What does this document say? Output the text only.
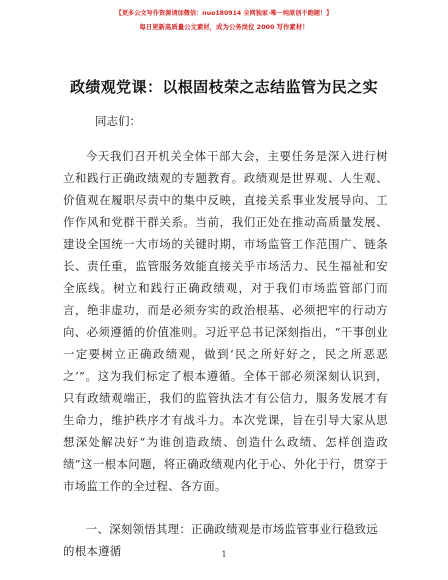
【更多公文写作资源请加微信：nuo180914 全网独家·唯一纯原创不跑题！】
每日更新高质量公文素材，成为公务岗位 2000 写作素材！
政绩观党课：以根固枝荣之志结监管为民之实
同志们：

今天我们召开机关全体干部大会，主要任务是深入进行树立和践行正确政绩观的专题教育。政绩观是世界观、人生观、价值观在履职尽责中的集中反映，直接关系事业发展导向、工作作风和党群干群关系。当前，我们正处在推动高质量发展、建设全国统一大市场的关键时期，市场监管工作范围广、链条长、责任重，监管服务效能直接关乎市场活力、民生福祉和安全底线。树立和践行正确政绩观，对于我们市场监管部门而言，绝非虚功，而是必须夯实的政治根基、必须把牢的行动方向、必须遵循的价值准则。习近平总书记深刻指出，“干事创业一定要树立正确政绩观，做到‘民之所好好之，民之所恶恶之’”。这为我们标定了根本遵循。全体干部必须深刻认识到，只有政绩观端正，我们的监管执法才有公信力，服务发展才有生命力，维护秩序才有战斗力。本次党课，旨在引导大家从思想深处解决好“为谁创造政绩、创造什么政绩、怎样创造政绩”这一根本问题，将正确政绩观内化于心、外化于行，贯穿于市场监工作的全过程、各方面。

一、深刻领悟其理：正确政绩观是市场监管事业行稳致远的根本遵循	1
